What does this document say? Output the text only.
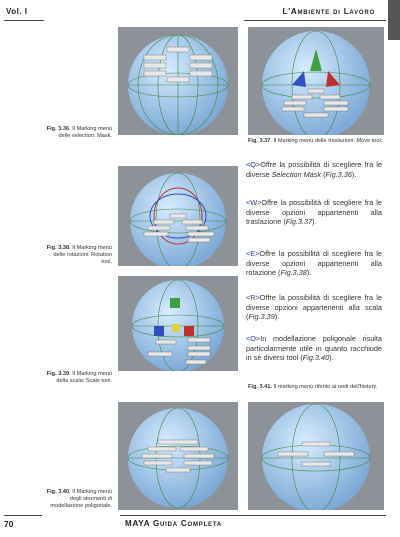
Vol. I	L'Ambiente di Lavoro
Fig. 3.36. Il Marking menù delle selection: Mask.
Fig. 3.38. Il Marking menù delle rotazioni: Rotation tool.
Fig. 3.39. Il Marking menù della scala: Scale tool.
Fig. 3.40. Il Marking menù degli strumenti di modellazione poligonale.
Fig. 3.37. Il Marking menù delle traslazioni: Move tool.
Fig. 3.41. Il marking menù riferito ai nodi dell'history.
<Q>Offre la possibilità di scegliere fra le diverse Selection Mask (Fig.3.36).
<W>Offre la possibilità di scegliere fra le diverse opzioni appartenenti alla traslazione (Fig.3.37).
<E>Offre la possibilità di scegliere fra le diverse opzioni appartenenti alla rotazione (Fig.3.38).
<R>Offre la possibilità di scegliere fra le diverse opzioni appartenenti alla scala (Fig.3.39).
<O>In modellazione poligonale risulta particolarmente utile in quanto racchiude in sé diversi tool (Fig.3.40).
70	MAYA Guida Completa
